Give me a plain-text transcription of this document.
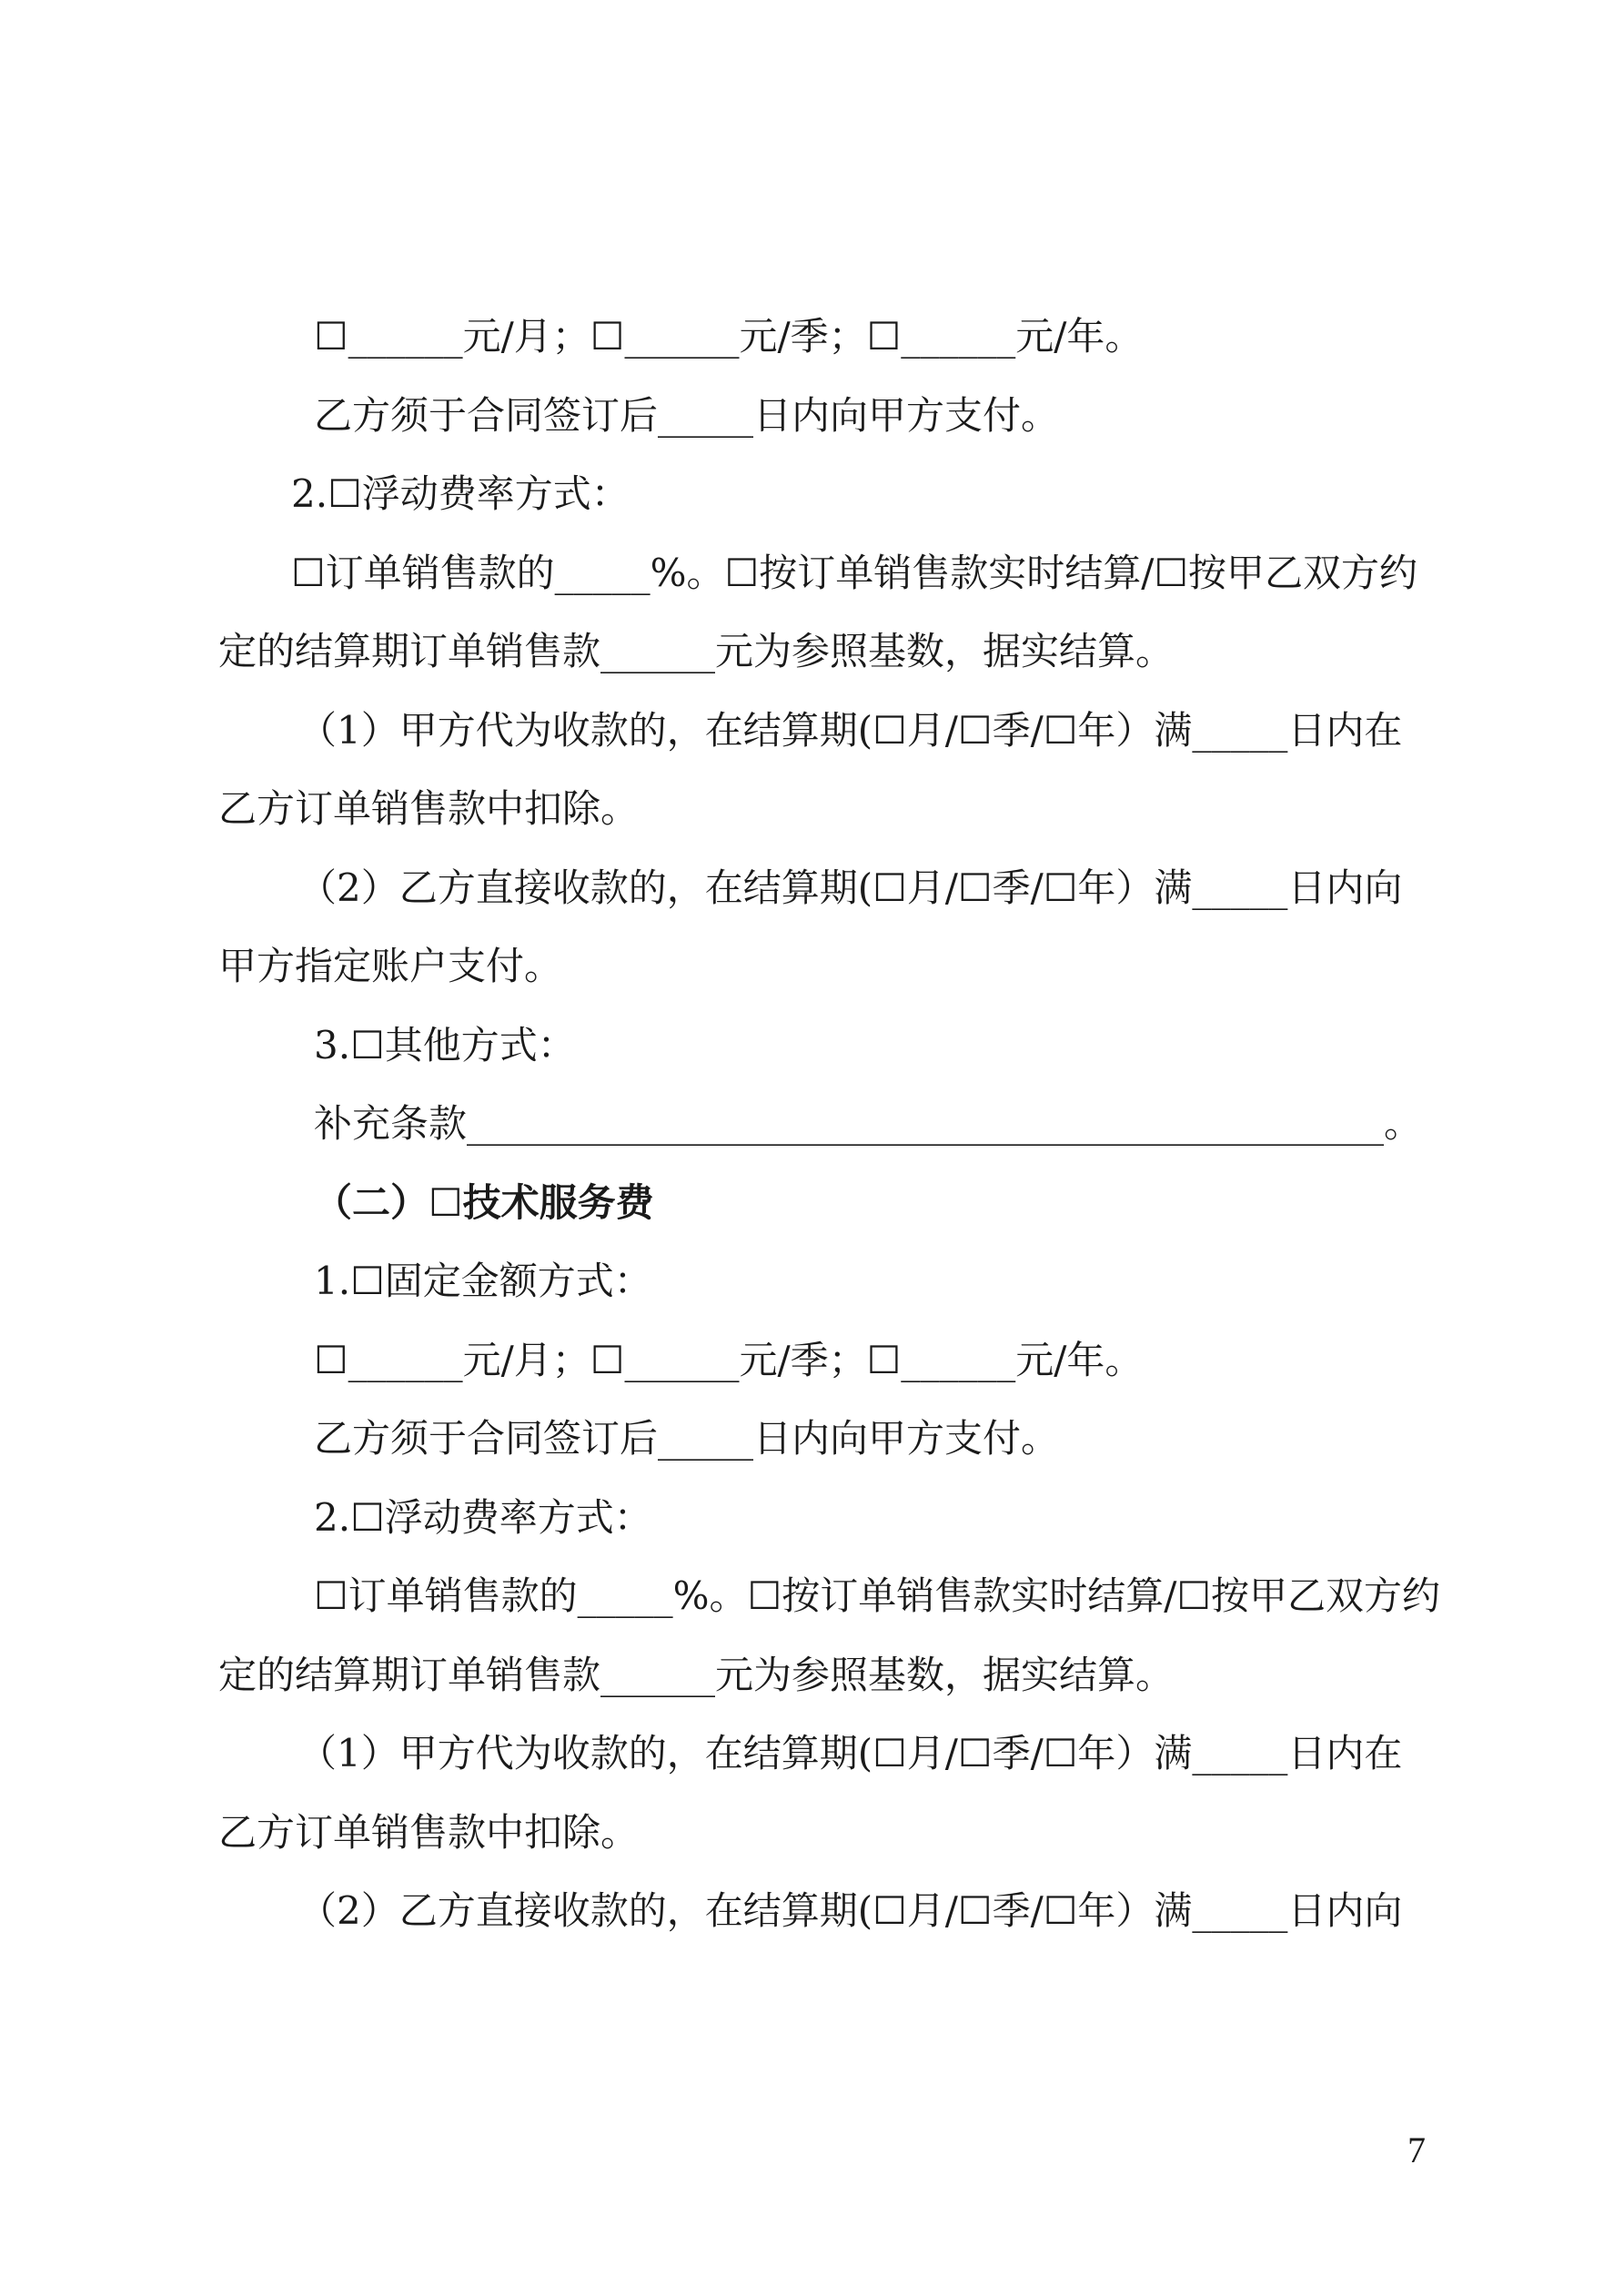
☐______元/月；☐______元/季；☐______元/年。
乙方须于合同签订后_____日内向甲方支付。
2.☐浮动费率方式：
☐订单销售款的_____%。☐按订单销售款实时结算/☐按甲乙双方约
定的结算期订单销售款______元为参照基数，据实结算。
（1）甲方代为收款的，在结算期(☐月/☐季/☐年）满_____日内在
乙方订单销售款中扣除。
（2）乙方直接收款的，在结算期(☐月/☐季/☐年）满_____日内向
甲方指定账户支付。
3.☐其他方式：
补充条款________________________________________________。
（二）☐技术服务费
1.☐固定金额方式：
☐______元/月；☐______元/季；☐______元/年。
乙方须于合同签订后_____日内向甲方支付。
2.☐浮动费率方式：
☐订单销售款的_____%。☐按订单销售款实时结算/☐按甲乙双方约
定的结算期订单销售款______元为参照基数，据实结算。
（1）甲方代为收款的，在结算期(☐月/☐季/☐年）满_____日内在
乙方订单销售款中扣除。
（2）乙方直接收款的，在结算期(☐月/☐季/☐年）满_____日内向
7
